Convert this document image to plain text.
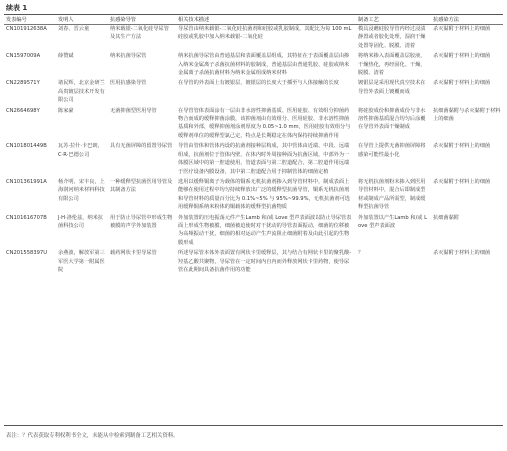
续表 1
发表编号	发明人	抗感染导管	相关技术描述	制备工艺	抗感染方法
CN101912638A	刘春、晋云童	纳米载银-二氧化硅导尿管及其生产方法	导尿管由纳米载银-二氧化硅抗菌剂和硅胶或乳胶制成，其配比为每 100 mL 硅胶或乳胶中加入纳米载银-二氧化硅	模具浸蘸硅胶导管内经过浸渍静置或者胶化处理，湿润干燥处置等固化、脱膜、清着	杀灭黏附于材料上的细菌
CN1597009A	薛赞斌	纳米抗菌导尿管	纳米抗菌导尿管由普通基层和表面覆盖层组成，其特征在于表面覆盖层由掺入纳米金属离子杀菌抗菌材料的胶制成，普通基层由普通乳胶、硅胶或纳米金属离子杀菌抗菌材料为纳米金属组成纳米材料	将纳米掺入表面覆盖层胶液，干燥热化，再经固化、干燥、脱膜、清着	杀灭黏附于材料上的细菌
CN2289571Y	诸民辉，北京金研兰高贵镀层技术开发有限公司	医用抗感染导管	在导管的外表面上有镀银层，镀银层的长度大于插至与人体接触的长度	镀银层是采用现代真空技术在导管外表面上镀覆而成	杀灭黏附于材料上的细菌
CN2664698Y	陈家豪	无菌抑菌型医用导管	在导管管体表面涂有一层由非水溶性抑菌基质、医用硅胶、有效组分抑菌药物合而成的缓释抑菌涂膜，该抑菌剂由有效组分、医用硅胶、非水溶性抑菌基质和外部，缓释抑菌剂涂剂厚度为 0.05~1.0 mm，医用硅胶有效组分与缓释剂单位的缓释型氯己定，特点是长期稳定在体内保持持续抑菌作用	将硅胶成份和抑菌成份与非水溶性抑菌基质混合均匀后涂覆在导管外表面干燥制成	抗细菌黏附与杀灭黏附于材料上的细菌
CN101801449B	瓦苏·拉什·卡巴朗，C·R·巴德公司	具有无菌屏障的留置导尿管	导管由管体和管体内设的抗菌剂接种层构成，其中管体由近端、中段、远端组成，抗菌剂位于管体内壁，在体内时外周接种面为抗菌区域，中部外为一体膜区域中的第一腔道使用，管道表面与第二腔道配合，第二腔道作用远端于医疗设备内膜设备，其中第二腔道配合用于抑制管体的细菌定植	在导管上提供无菌抑菌屏障将感染可能性最小化	杀灭黏附于材料上的细菌
CN101361991A	杨介明，宋丰良，上海润河纳米材料科技有限公司	一种缓释型抗菌医用导管及其制备方法	选用以缓释铜离子为载体的铜系无机抗菌剂掺入到导管材料中，制成表面上能够在使用过程中均匀持续释放出广泛的缓释型抗菌导管，铜系无机抗菌剂和导管材料的质量百分比为 0.1%~5% 与 95%~99.9%，无机抗菌剂可选用缓释铜系纳米粉体的铜载体的缓释型抗菌物质	将无机抗菌剂粉末掺入到医用导管材料中，混合后即制成型材或制成产品所需型，制成缓释型抗菌导管	杀灭黏附于材料上的细菌
CN101616707B	J·H·洛伦兹，纳米抗菌科技公司	用于防止导尿管中形成生物被膜的声学外加装置	外加装置的压电振荡元件产生Lamb 和/或 Love 型声表面波以防止导尿管表面上形成生物被膜，细菌被迫使时对干扰动的导管表面振动，细菌的位移被为高频振动干扰，细菌的相对运动产生声流阻止细菌附着及由此引起的生物膜形成	外加装置以产生Lamb 和/或 Love 型声表面波	抗细菌黏附
CN201558397U	余燕波，解放军第三军医大学第一附属医院	载药网状卡里导尿管	所述导尿管本体外表面置有网状卡里缓释层，其与结合有网状卡里的聚乳酸-羟基乙酸共聚物，导尿管在一定时间内自内而外释放网状卡里药物，使导尿管在此期间具备抗菌作用的功能	？	杀灭黏附于材料上的细菌
表注：？代表获取专利权利书全文，未能从中检索到制备工艺相关资料。
